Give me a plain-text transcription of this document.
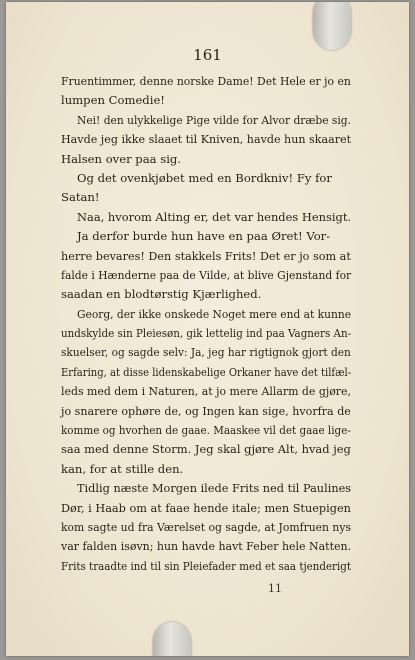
161
Fruentimmer, denne norske Dame! Det Hele er jo en
lumpen Comedie!
Nei! den ulykkelige Pige vilde for Alvor dræbe sig.
Havde jeg ikke slaaet til Kniven, havde hun skaaret
Halsen over paa sig.
Og det ovenkjøbet med en Bordkniv! Fy for
Satan!
Naa, hvorom Alting er, det var hendes Hensigt.
Ja derfor burde hun have en paa Øret! Vor-
herre bevares! Den stakkels Frits! Det er jo som at
falde i Hænderne paa de Vilde, at blive Gjenstand for
saadan en blodtørstig Kjærlighed.
Georg, der ikke onskede Noget mere end at kunne
undskylde sin Pleiesøn, gik lettelig ind paa Vagners An-
skuelser, og sagde selv: Ja, jeg har rigtignok gjort den
Erfaring, at disse lidenskabelige Orkaner have det tilfæl-
leds med dem i Naturen, at jo mere Allarm de gjøre,
jo snarere ophøre de, og Ingen kan sige, hvorfra de
komme og hvorhen de gaae. Maaskee vil det gaae lige-
saa med denne Storm. Jeg skal gjøre Alt, hvad jeg
kan, for at stille den.
Tidlig næste Morgen ilede Frits ned til Paulines
Dør, i Haab om at faae hende itale; men Stuepigen
kom sagte ud fra Værelset og sagde, at Jomfruen nys
var falden isøvn; hun havde havt Feber hele Natten.
Frits traadte ind til sin Pleiefader med et saa tjenderigt
11
